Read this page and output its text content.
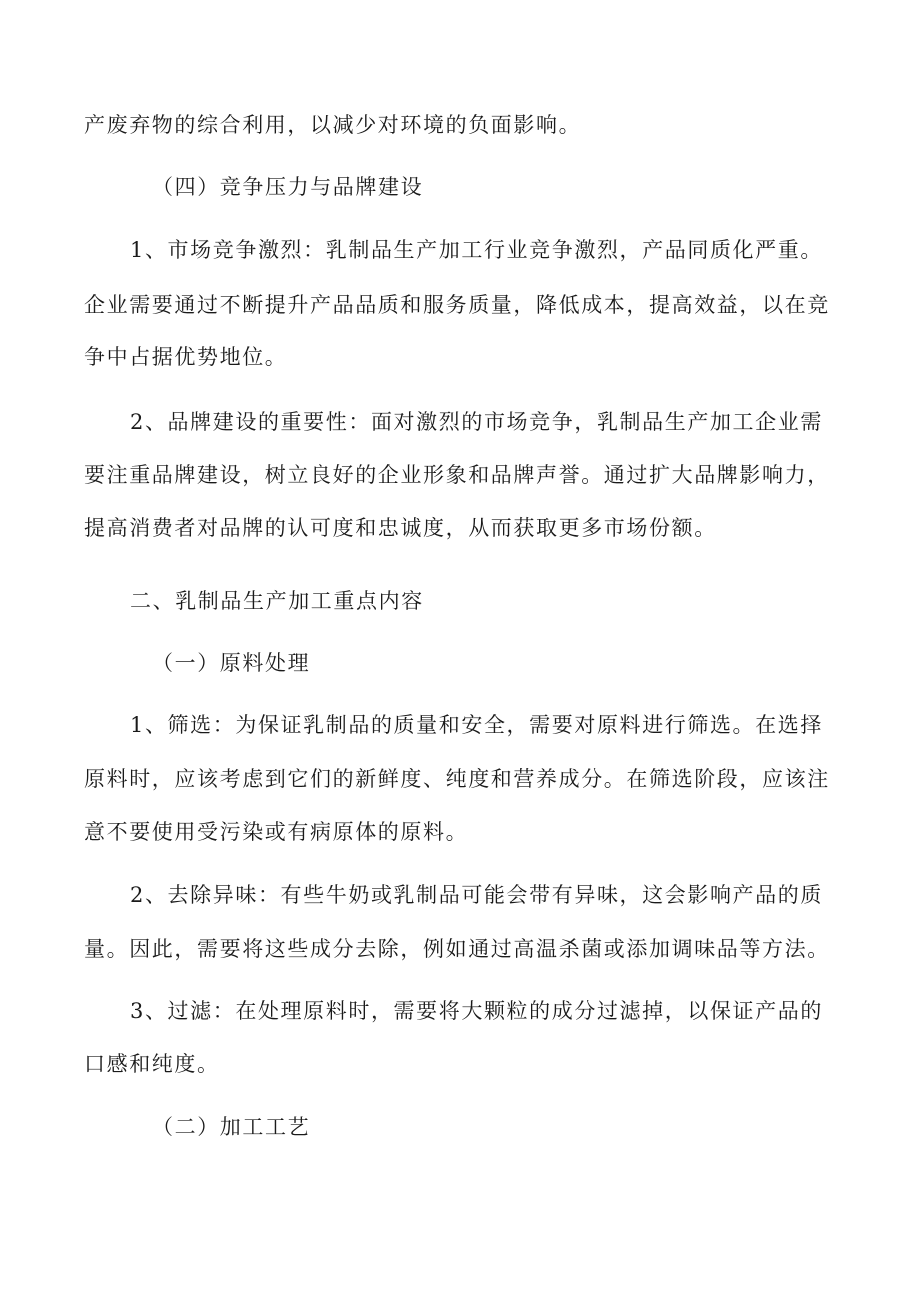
产废弃物的综合利用，以减少对环境的负面影响。
（四）竞争压力与品牌建设
1、市场竞争激烈：乳制品生产加工行业竞争激烈，产品同质化严重。
企业需要通过不断提升产品品质和服务质量，降低成本，提高效益，以在竞
争中占据优势地位。
2、品牌建设的重要性：面对激烈的市场竞争，乳制品生产加工企业需
要注重品牌建设，树立良好的企业形象和品牌声誉。通过扩大品牌影响力，
提高消费者对品牌的认可度和忠诚度，从而获取更多市场份额。
二、乳制品生产加工重点内容
（一）原料处理
1、筛选：为保证乳制品的质量和安全，需要对原料进行筛选。在选择
原料时，应该考虑到它们的新鲜度、纯度和营养成分。在筛选阶段，应该注
意不要使用受污染或有病原体的原料。
2、去除异味：有些牛奶或乳制品可能会带有异味，这会影响产品的质
量。因此，需要将这些成分去除，例如通过高温杀菌或添加调味品等方法。
3、过滤：在处理原料时，需要将大颗粒的成分过滤掉，以保证产品的
口感和纯度。
（二）加工工艺
